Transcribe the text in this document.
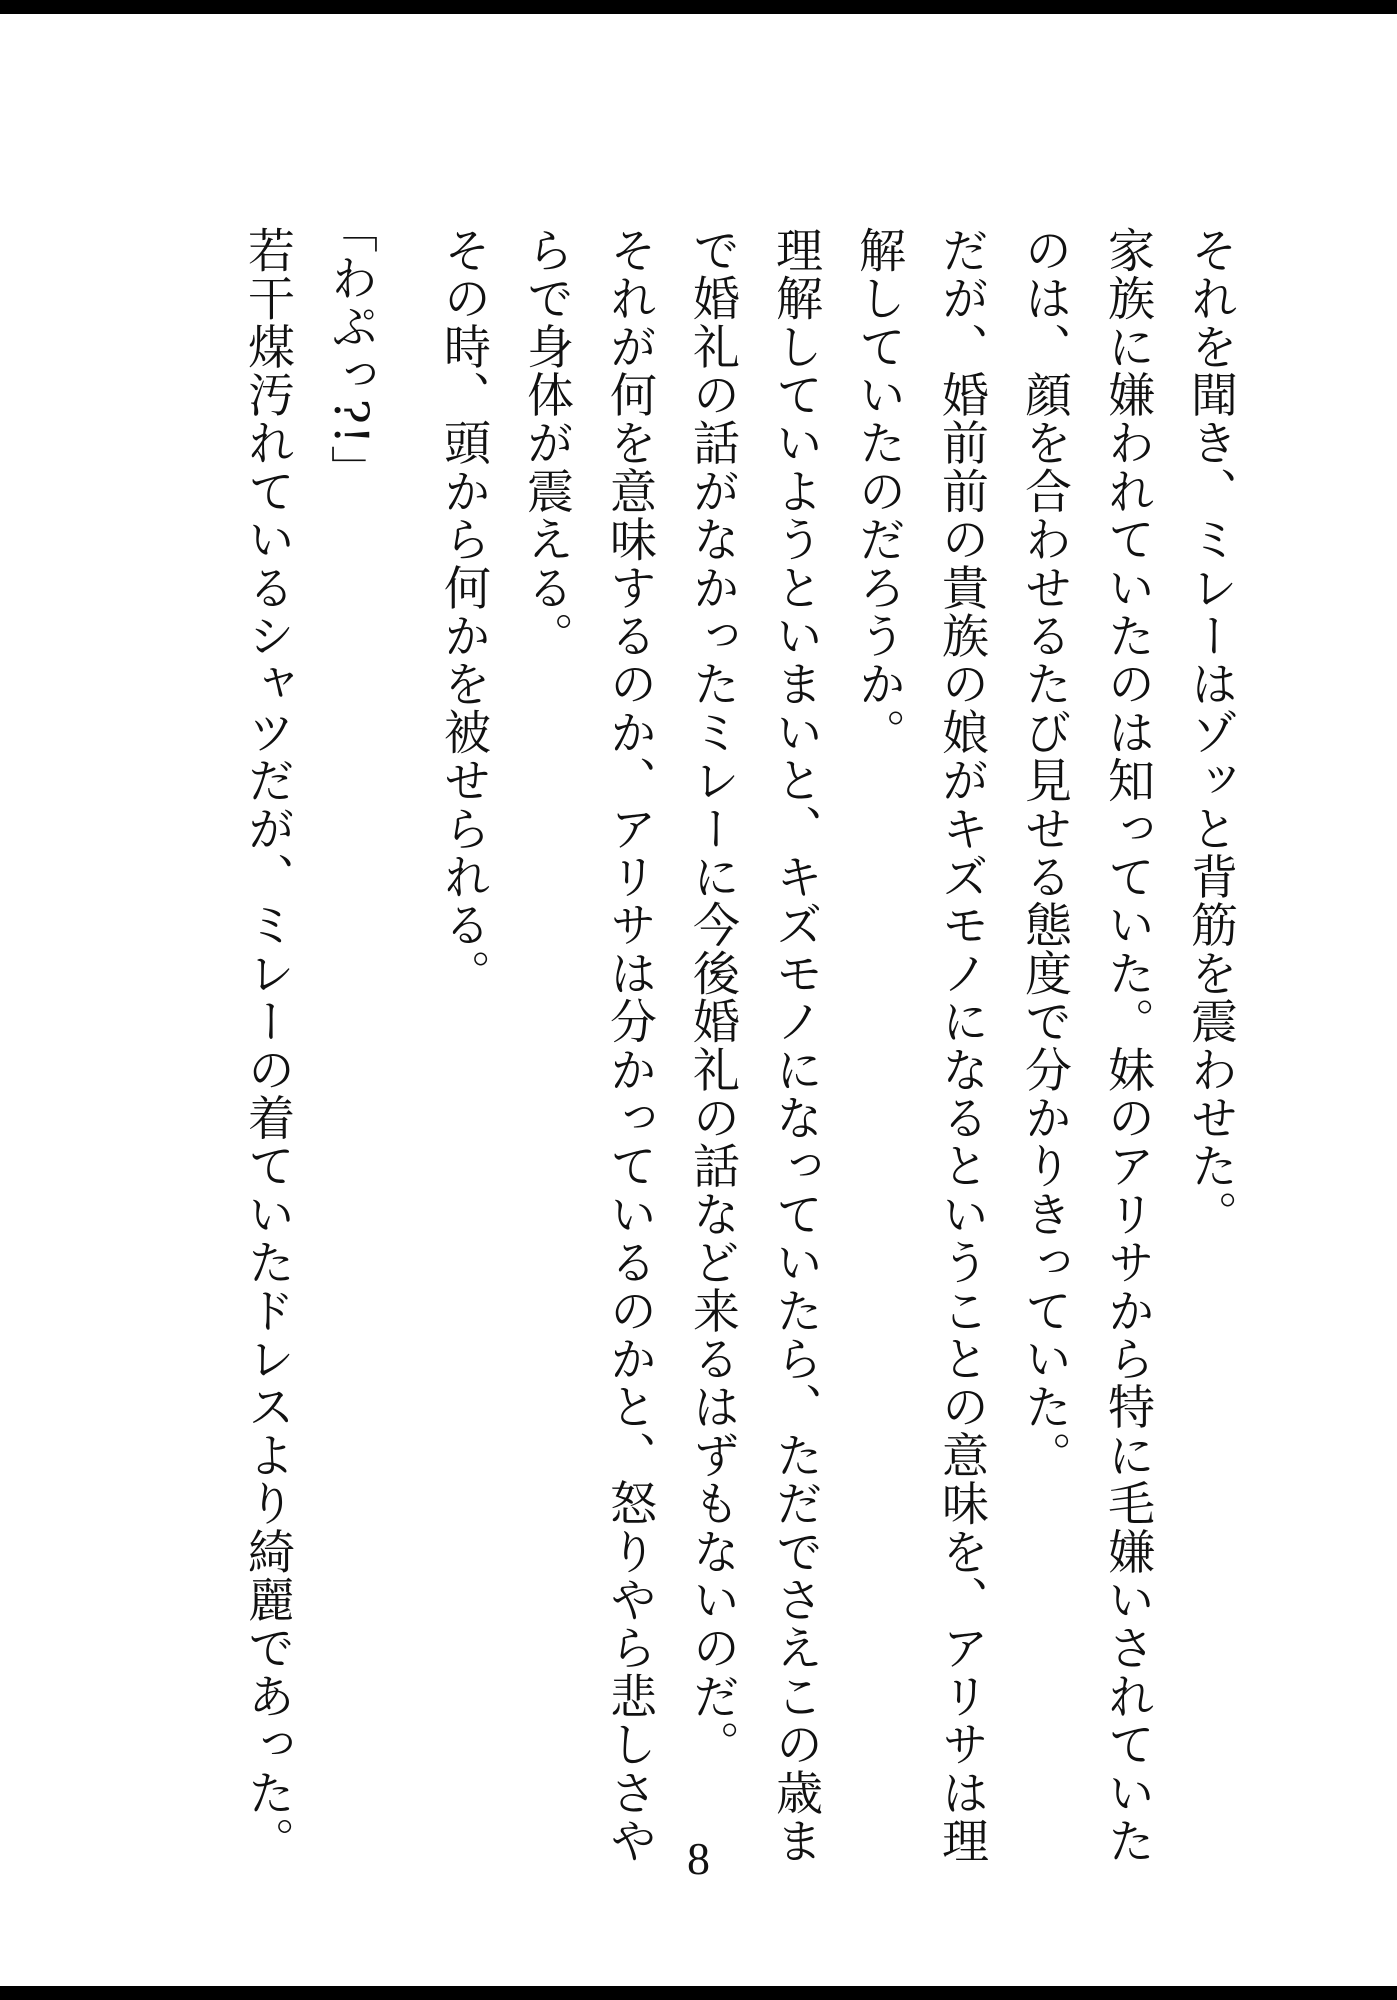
それを聞き、ミレーはゾッと背筋を震わせた。
家族に嫌われていたのは知っていた。妹のアリサから特に毛嫌いされていた
のは、顔を合わせるたび見せる態度で分かりきっていた。
だが、婚前前の貴族の娘がキズモノになるということの意味を、アリサは理
解していたのだろうか。
理解していようといまいと、キズモノになっていたら、ただでさえこの歳ま
で婚礼の話がなかったミレーに今後婚礼の話など来るはずもないのだ。
それが何を意味するのか、アリサは分かっているのかと、怒りやら悲しさや
らで身体が震える。
その時、頭から何かを被せられる。
「わぷっ?!」
若干煤汚れているシャツだが、ミレーの着ていたドレスより綺麗であった。	8
